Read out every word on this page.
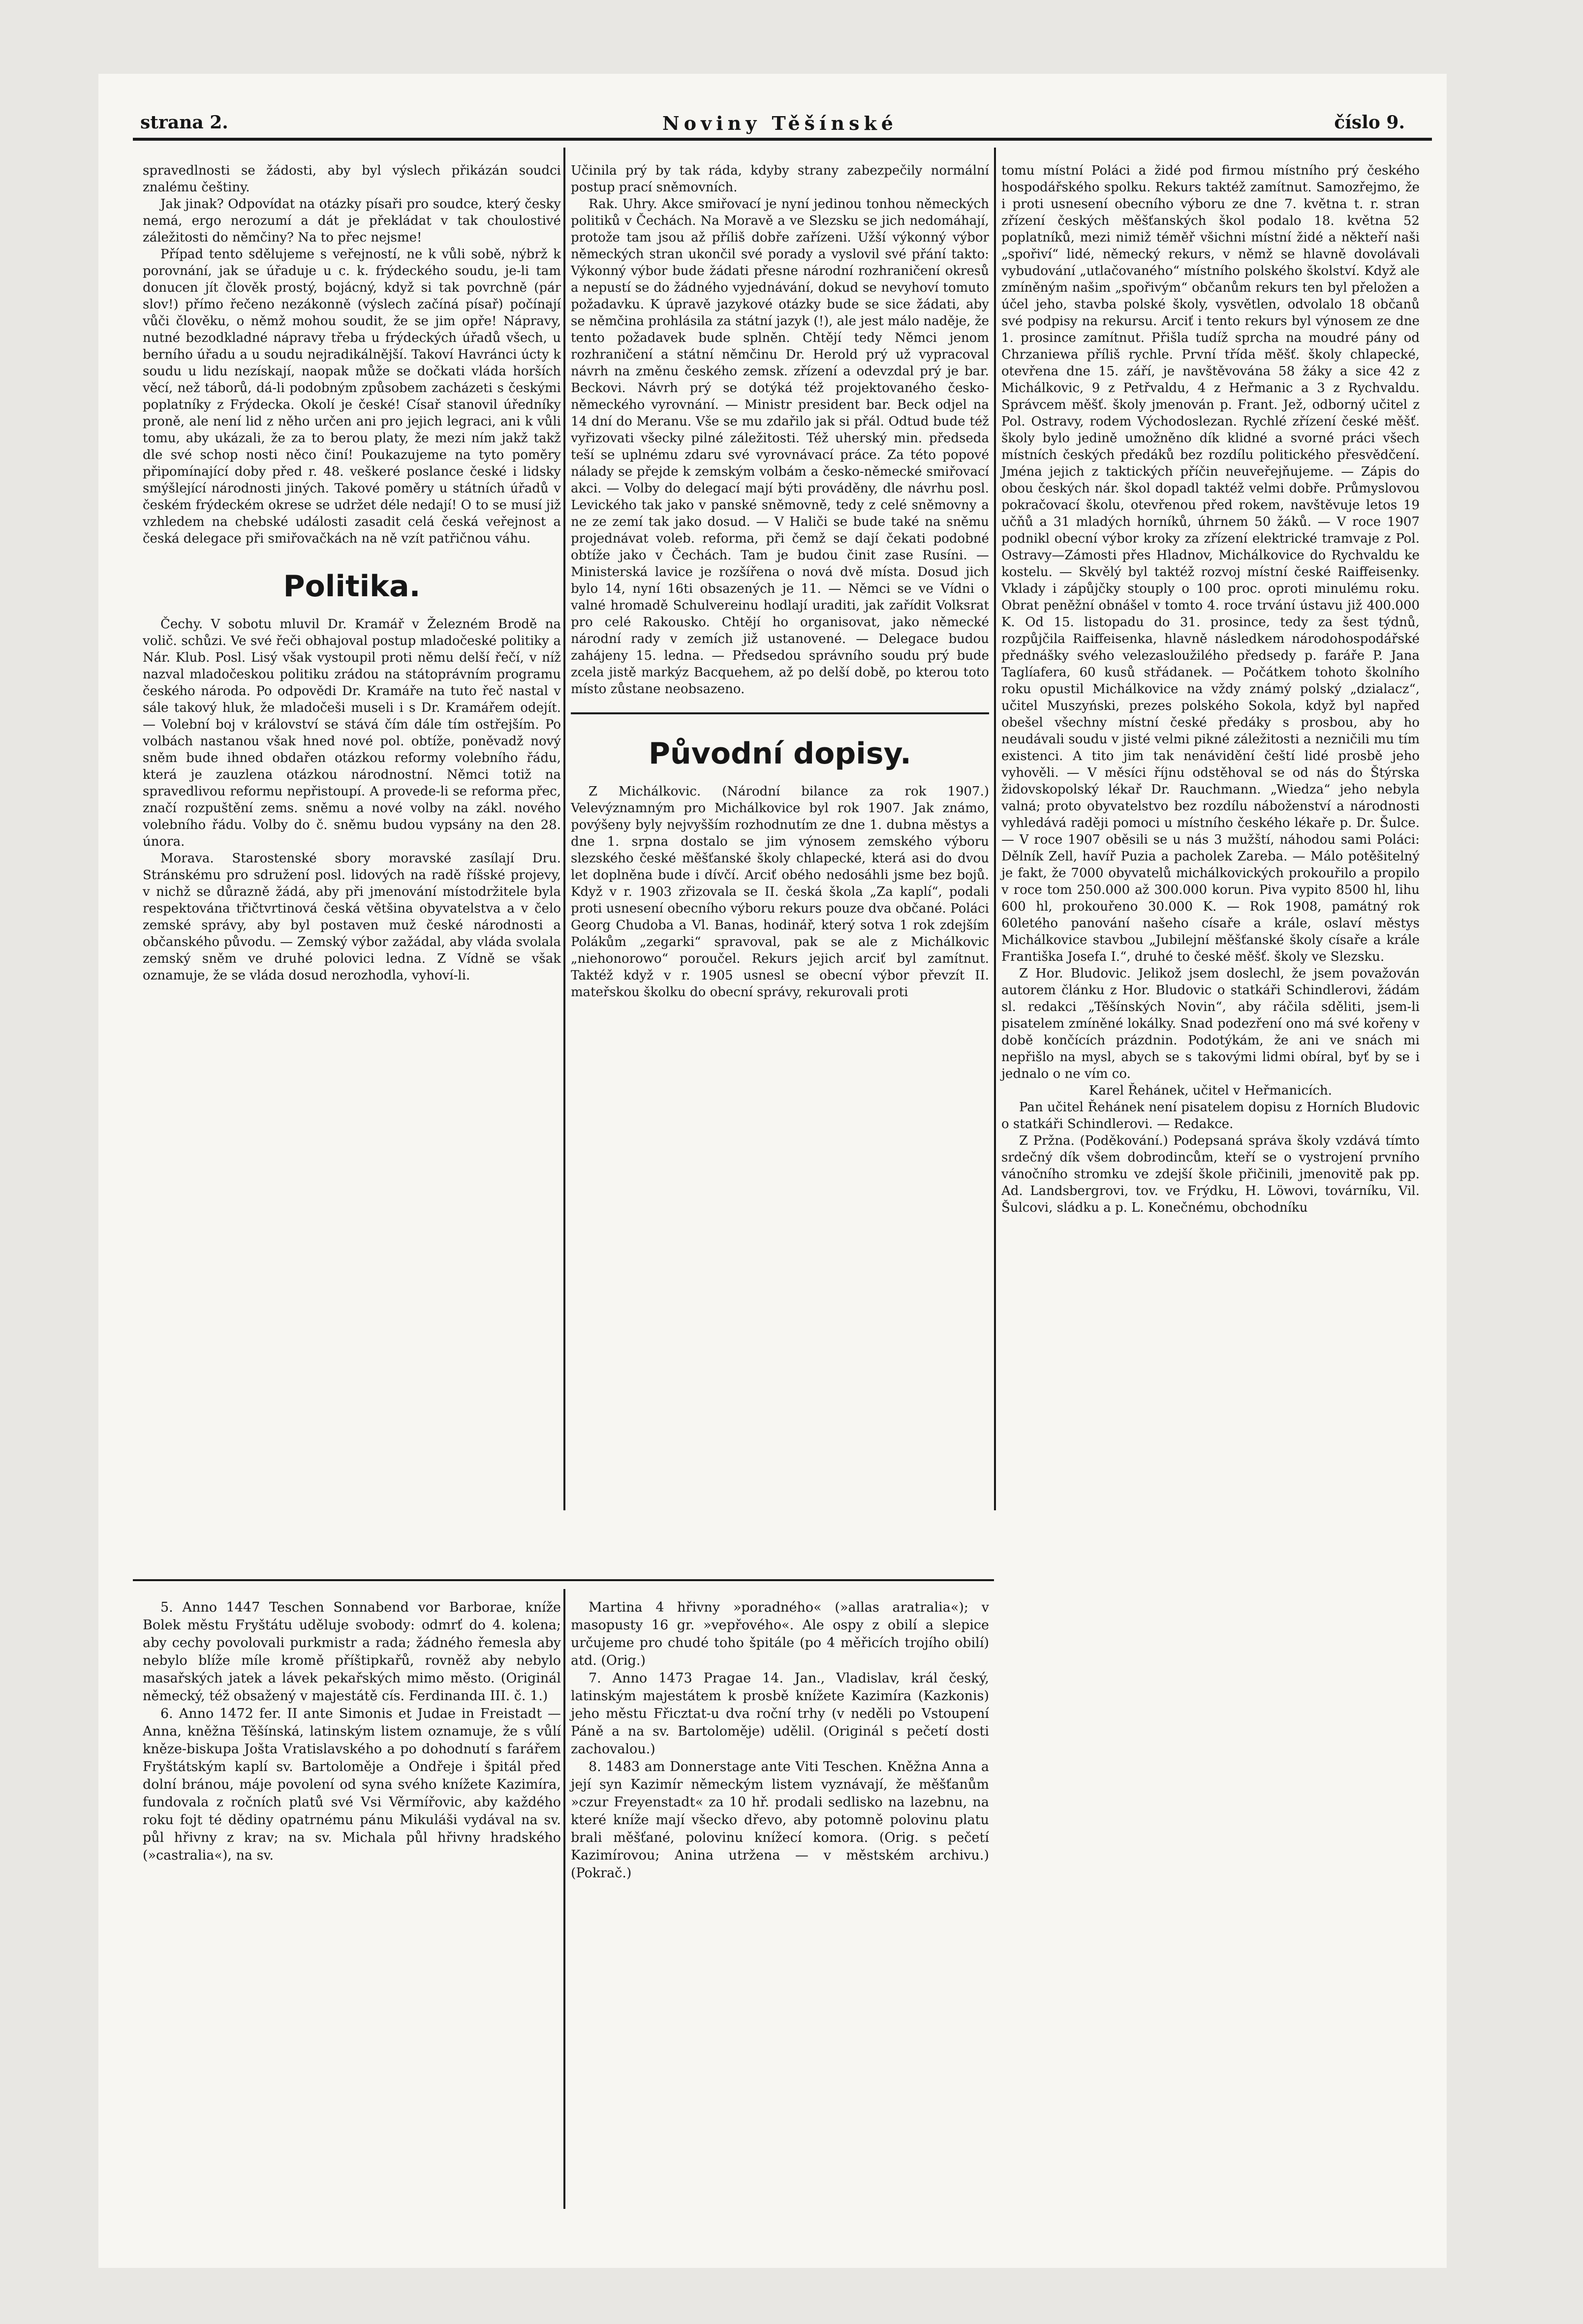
strana 2.	Noviny Těšínské	číslo 9.

spravedlnosti se žádosti, aby byl výslech přikázán soudci znalému češtiny.

Jak jinak? Odpovídat na otázky písaři pro soudce, který česky nemá, ergo nerozumí a dát je překládat v tak choulostivé záležitosti do němčiny? Na to přec nejsme!

Případ tento sdělujeme s veřejností, ne k vůli sobě, nýbrž k porovnání, jak se úřaduje u c. k. frýdeckého soudu, je-li tam donucen jít člověk prostý, bojácný, když si tak povrchně (pár slov!) přímo řečeno nezákonně (výslech začíná písař) počínají vůči člověku, o němž mohou soudit, že se jim opře! Nápravy, nutné bezodkladné nápravy třeba u frýdeckých úřadů všech, u berního úřadu a u soudu nejradikálnější. Takoví Havránci úcty k soudu u lidu nezískají, naopak může se dočkati vláda horších věcí, než táborů, dá-li podobným způsobem zacházeti s českými poplatníky z Frýdecka. Okolí je české! Císař stanovil úředníky proně, ale není lid z něho určen ani pro jejich legraci, ani k vůli tomu, aby ukázali, že za to berou platy, že mezi ním jakž takž dle své schop nosti něco činí! Poukazujeme na tyto poměry připomínající doby před r. 48. veškeré poslance české i lidsky smýšlející národnosti jiných. Takové poměry u státních úřadů v českém frýdeckém okrese se udržet déle nedají! O to se musí již vzhledem na chebské události zasadit celá česká veřejnost a česká delegace při smiřovačkách na ně vzít patřičnou váhu.

Politika.

Čechy. V sobotu mluvil Dr. Kramář v Železném Brodě na volič. schůzi. Ve své řeči obhajoval postup mladočeské politiky a Nár. Klub. Posl. Lisý však vystoupil proti němu delší řečí, v níž nazval mladočeskou politiku zrádou na státoprávním programu českého národa. Po odpovědi Dr. Kramáře na tuto řeč nastal v sále takový hluk, že mladočeši museli i s Dr. Kramářem odejít. — Volební boj v království se stává čím dále tím ostřejším. Po volbách nastanou však hned nové pol. obtíže, poněvadž nový sněm bude ihned obdařen otázkou reformy volebního řádu, která je zauzlena otázkou národnostní. Němci totiž na spravedlivou reformu nepřistoupí. A provede-li se reforma přec, značí rozpuštění zems. sněmu a nové volby na zákl. nového volebního řádu. Volby do č. sněmu budou vypsány na den 28. února.

Morava. Starostenské sbory moravské zasílají Dru. Stránskému pro sdružení posl. lidových na radě říšské projevy, v nichž se důrazně žádá, aby při jmenování místodržitele byla respektována třičtvrtinová česká většina obyvatelstva a v čelo zemské správy, aby byl postaven muž české národnosti a občanského původu. — Zemský výbor zažádal, aby vláda svolala zemský sněm ve druhé polovici ledna. Z Vídně se však oznamuje, že se vláda dosud nerozhodla, vyhoví-li.

Učinila prý by tak ráda, kdyby strany zabezpečily normální postup prací sněmovních.

Rak. Uhry. Akce smiřovací je nyní jedinou tonhou německých politiků v Čechách. Na Moravě a ve Slezsku se jich nedomáhají, protože tam jsou až příliš dobře zařízeni. Užší výkonný výbor německých stran ukončil své porady a vyslovil své přání takto: Výkonný výbor bude žádati přesne národní rozhraničení okresů a nepustí se do žádného vyjednávání, dokud se nevyhoví tomuto požadavku. K úpravě jazykové otázky bude se sice žádati, aby se němčina prohlásila za státní jazyk (!), ale jest málo naděje, že tento požadavek bude splněn. Chtějí tedy Němci jenom rozhraničení a státní němčinu Dr. Herold prý už vypracoval návrh na změnu českého zemsk. zřízení a odevzdal prý je bar. Beckovi. Návrh prý se dotýká též projektovaného česko-německého vyrovnání. — Ministr president bar. Beck odjel na 14 dní do Meranu. Vše se mu zdařilo jak si přál. Odtud bude též vyřizovati všecky pilné záležitosti. Též uherský min. předseda teší se uplnému zdaru své vyrovnávací práce. Za této popové nálady se přejde k zemským volbám a česko-německé smiřovací akci. — Volby do delegací mají býti prováděny, dle návrhu posl. Levického tak jako v panské sněmovně, tedy z celé sněmovny a ne ze zemí tak jako dosud. — V Haliči se bude také na sněmu projednávat voleb. reforma, při čemž se dají čekati podobné obtíže jako v Čechách. Tam je budou činit zase Rusíni. — Ministerská lavice je rozšířena o nová dvě místa. Dosud jich bylo 14, nyní 16ti obsazených je 11. — Němci se ve Vídni o valné hromadě Schulvereinu hodlají uraditi, jak zařídit Volksrat pro celé Rakousko. Chtějí ho organisovat, jako německé národní rady v zemích již ustanovené. — Delegace budou zahájeny 15. ledna. — Předsedou správního soudu prý bude zcela jistě markýz Bacquehem, až po delší době, po kterou toto místo zůstane neobsazeno.

Původní dopisy.

Z Michálkovic. (Národní bilance za rok 1907.) Velevýznamným pro Michálkovice byl rok 1907. Jak známo, povýšeny byly nejvyšším rozhodnutím ze dne 1. dubna městys a dne 1. srpna dostalo se jim výnosem zemského výboru slezského české měšťanské školy chlapecké, která asi do dvou let doplněna bude i dívčí. Arciť obého nedosáhli jsme bez bojů. Když v r. 1903 zřizovala se II. česká škola „Za kaplí“, podali proti usnesení obecního výboru rekurs pouze dva občané. Poláci Georg Chudoba a Vl. Banas, hodinář, který sotva 1 rok zdejším Polákům „zegarki“ spravoval, pak se ale z Michálkovic „niehonorowo“ poroučel. Rekurs jejich arciť byl zamítnut. Taktéž když v r. 1905 usnesl se obecní výbor převzít II. mateřskou školku do obecní správy, rekurovali proti

tomu místní Poláci a židé pod firmou místního prý českého hospodářského spolku. Rekurs taktéž zamítnut. Samozřejmo, že i proti usnesení obecního výboru ze dne 7. května t. r. stran zřízení českých měšťanských škol podalo 18. května 52 poplatníků, mezi nimiž téměř všichni místní židé a někteří naši „spořiví“ lidé, německý rekurs, v němž se hlavně dovolávali vybudování „utlačovaného“ místního polského školství. Když ale zmíněným našim „spořivým“ občanům rekurs ten byl přeložen a účel jeho, stavba polské školy, vysvětlen, odvolalo 18 občanů své podpisy na rekursu. Arciť i tento rekurs byl výnosem ze dne 1. prosince zamítnut. Přišla tudíž sprcha na moudré pány od Chrzaniewa příliš rychle. První třída měšť. školy chlapecké, otevřena dne 15. září, je navštěvována 58 žáky a sice 42 z Michálkovic, 9 z Petřvaldu, 4 z Heřmanic a 3 z Rychvaldu. Správcem měšť. školy jmenován p. Frant. Jež, odborný učitel z Pol. Ostravy, rodem Východoslezan. Rychlé zřízení české měšť. školy bylo jedině umožněno dík klidné a svorné práci všech místních českých předáků bez rozdílu politického přesvědčení. Jména jejich z taktických příčin neuveřejňujeme. — Zápis do obou českých nár. škol dopadl taktéž velmi dobře. Průmyslovou pokračovací školu, otevřenou před rokem, navštěvuje letos 19 učňů a 31 mladých horníků, úhrnem 50 žáků. — V roce 1907 podnikl obecní výbor kroky za zřízení elektrické tramvaje z Pol. Ostravy—Zámosti přes Hladnov, Michálkovice do Rychvaldu ke kostelu. — Skvělý byl taktéž rozvoj místní české Raiffeisenky. Vklady i zápůjčky stouply o 100 proc. oproti minulému roku. Obrat peněžní obnášel v tomto 4. roce trvání ústavu již 400.000 K. Od 15. listopadu do 31. prosince, tedy za šest týdnů, rozpůjčila Raiffeisenka, hlavně následkem národohospodářské přednášky svého velezasloužilého předsedy p. faráře P. Jana Taglíafera, 60 kusů střádanek. — Počátkem tohoto školního roku opustil Michálkovice na vždy známý polský „dzialacz“, učitel Muszyński, prezes polského Sokola, když byl napřed obešel všechny místní české předáky s prosbou, aby ho neudávali soudu v jisté velmi pikné záležitosti a nezničili mu tím existenci. A tito jim tak nenávidění čeští lidé prosbě jeho vyhověli. — V měsíci říjnu odstěhoval se od nás do Štýrska židovskopolský lékař Dr. Rauchmann. „Wiedza“ jeho nebyla valná; proto obyvatelstvo bez rozdílu náboženství a národnosti vyhledává raději pomoci u místního českého lékaře p. Dr. Šulce. — V roce 1907 oběsili se u nás 3 mužští, náhodou sami Poláci: Dělník Zell, havíř Puzia a pacholek Zareba. — Málo potěšitelný je fakt, že 7000 obyvatelů michálkovických prokouřilo a propilo v roce tom 250.000 až 300.000 korun. Piva vypito 8500 hl, lihu 600 hl, prokouřeno 30.000 K. — Rok 1908, památný rok 60letého panování našeho císaře a krále, oslaví městys Michálkovice stavbou „Jubilejní měšťanské školy císaře a krále Františka Josefa I.“, druhé to české měšť. školy ve Slezsku.

Z Hor. Bludovic. Jelikož jsem doslechl, že jsem považován autorem článku z Hor. Bludovic o statkáři Schindlerovi, žádám sl. redakci „Těšínských Novin“, aby ráčila sděliti, jsem-li pisatelem zmíněné lokálky. Snad podezření ono má své kořeny v době končících prázdnin. Podotýkám, že ani ve snách mi nepřišlo na mysl, abych se s takovými lidmi obíral, byť by se i jednalo o ne vím co.

Karel Řehánek, učitel v Heřmanicích.

Pan učitel Řehánek není pisatelem dopisu z Horních Bludovic o statkáři Schindlerovi. — Redakce.

Z Pržna. (Poděkování.) Podepsaná správa školy vzdává tímto srdečný dík všem dobrodincům, kteří se o vystrojení prvního vánočního stromku ve zdejší škole přičinili, jmenovitě pak pp. Ad. Landsbergrovi, tov. ve Frýdku, H. Löwovi, továrníku, Vil. Šulcovi, sládku a p. L. Konečnému, obchodníku

5. Anno 1447 Teschen Sonnabend vor Barborae, kníže Bolek městu Fryštátu uděluje svobody: odmrť do 4. kolena; aby cechy povolovali purkmistr a rada; žádného řemesla aby nebylo blíže míle kromě příštipkařů, rovněž aby nebylo masařských jatek a lávek pekařských mimo město. (Originál německý, též obsažený v majestátě cís. Ferdinanda III. č. 1.)

6. Anno 1472 fer. II ante Simonis et Judae in Freistadt — Anna, kněžna Těšínská, latinským listem oznamuje, že s vůlí kněze-biskupa Jošta Vratislavského a po dohodnutí s farářem Fryštátským kaplí sv. Bartoloměje a Ondřeje i špitál před dolní bránou, máje povolení od syna svého knížete Kazimíra, fundovala z ročních platů své Vsi Věrmířovic, aby každého roku fojt té dědiny opatrnému pánu Mikuláši vydával na sv. půl hřivny z krav; na sv. Michala půl hřivny hradského (»castralia«), na sv.

Martina 4 hřivny »poradného« (»allas aratralia«); v masopusty 16 gr. »vepřového«. Ale ospy z obilí a slepice určujeme pro chudé toho špitále (po 4 měřicích trojího obilí) atd. (Orig.)

7. Anno 1473 Pragae 14. Jan., Vladislav, král český, latinským majestátem k prosbě knížete Kazimíra (Kazkonis) jeho městu Fřicztat-u dva roční trhy (v neděli po Vstoupení Páně a na sv. Bartoloměje) udělil. (Originál s pečetí dosti zachovalou.)

8. 1483 am Donnerstage ante Viti Teschen. Kněžna Anna a její syn Kazimír německým listem vyznávají, že měšťanům »czur Freyenstadt« za 10 hř. prodali sedlisko na lazebnu, na které kníže mají všecko dřevo, aby potomně polovinu platu brali měšťané, polovinu knížecí komora. (Orig. s pečetí Kazimírovou; Anina utržena — v městském archivu.) (Pokrač.)
